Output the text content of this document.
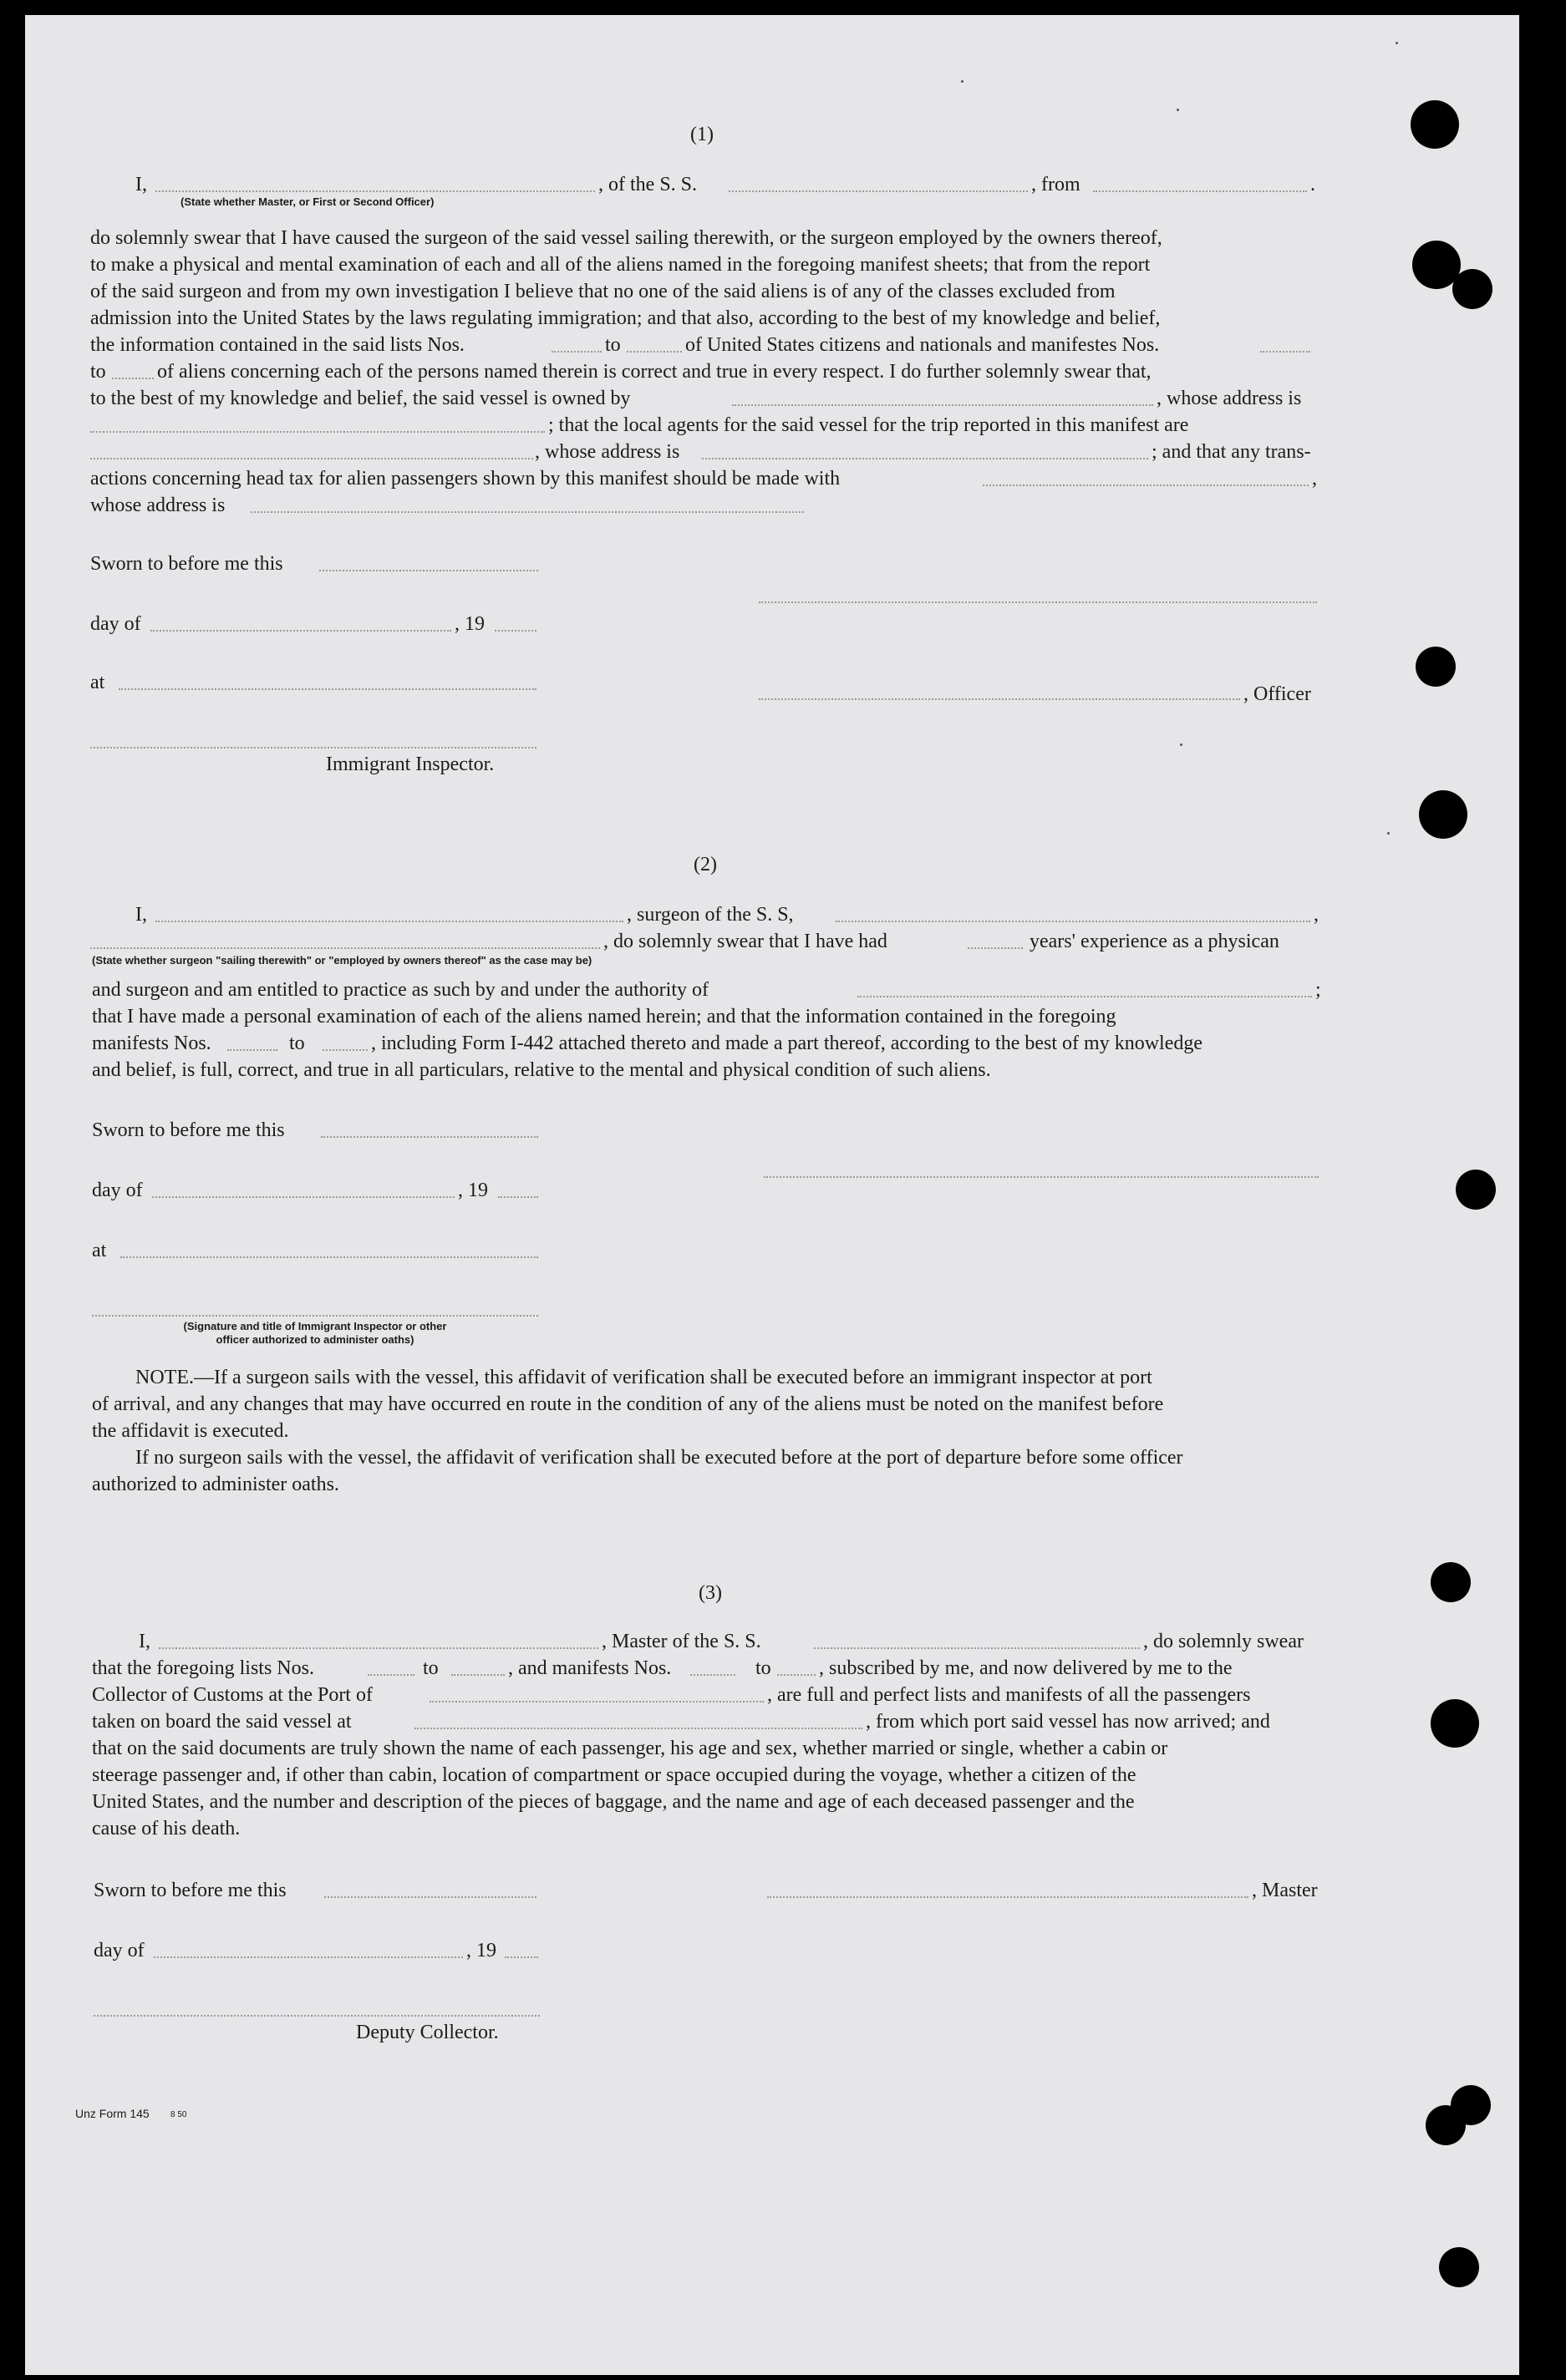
(1)
I,	, of the S. S.	, from	.
(State whether Master, or First or Second Officer)
do solemnly swear that I have caused the surgeon of the said vessel sailing therewith, or the surgeon employed by the owners thereof,
to make a physical and mental examination of each and all of the aliens named in the foregoing manifest sheets; that from the report
of the said surgeon and from my own investigation I believe that no one of the said aliens is of any of the classes excluded from
admission into the United States by the laws regulating immigration; and that also, according to the best of my knowledge and belief,
the information contained in the said lists Nos.	to	of United States citizens and nationals and manifestes Nos.
to	of aliens concerning each of the persons named therein is correct and true in every respect. I do further solemnly swear that,
to the best of my knowledge and belief, the said vessel is owned by	, whose address is
; that the local agents for the said vessel for the trip reported in this manifest are
, whose address is	; and that any trans-
actions concerning head tax for alien passengers shown by this manifest should be made with	,
whose address is
Sworn to before me this
day of	, 19
at
, Officer
Immigrant Inspector.
(2)
I,	, surgeon of the S. S,	,
, do solemnly swear that I have had	years' experience as a physican
(State whether surgeon "sailing therewith" or "employed by owners thereof" as the case may be)
and surgeon and am entitled to practice as such by and under the authority of	;
that I have made a personal examination of each of the aliens named herein; and that the information contained in the foregoing
manifests Nos.	to	, including Form I-442 attached thereto and made a part thereof, according to the best of my knowledge
and belief, is full, correct, and true in all particulars, relative to the mental and physical condition of such aliens.
Sworn to before me this
day of	, 19
at
(Signature and title of Immigrant Inspector or other
officer authorized to administer oaths)
NOTE.—If a surgeon sails with the vessel, this affidavit of verification shall be executed before an immigrant inspector at port
of arrival, and any changes that may have occurred en route in the condition of any of the aliens must be noted on the manifest before
the affidavit is executed.
If no surgeon sails with the vessel, the affidavit of verification shall be executed before at the port of departure before some officer
authorized to administer oaths.
(3)
I,	, Master of the S. S.	, do solemnly swear
that the foregoing lists Nos.	to	, and manifests Nos.	to , subscribed by me, and now delivered by me to the
Collector of Customs at the Port of	, are full and perfect lists and manifests of all the passengers
taken on board the said vessel at	, from which port said vessel has now arrived; and
that on the said documents are truly shown the name of each passenger, his age and sex, whether married or single, whether a cabin or
steerage passenger and, if other than cabin, location of compartment or space occupied during the voyage, whether a citizen of the
United States, and the number and description of the pieces of baggage, and the name and age of each deceased passenger and the
cause of his death.
Sworn to before me this	, Master
day of	, 19
Deputy Collector.
Unz Form 145	8 50
